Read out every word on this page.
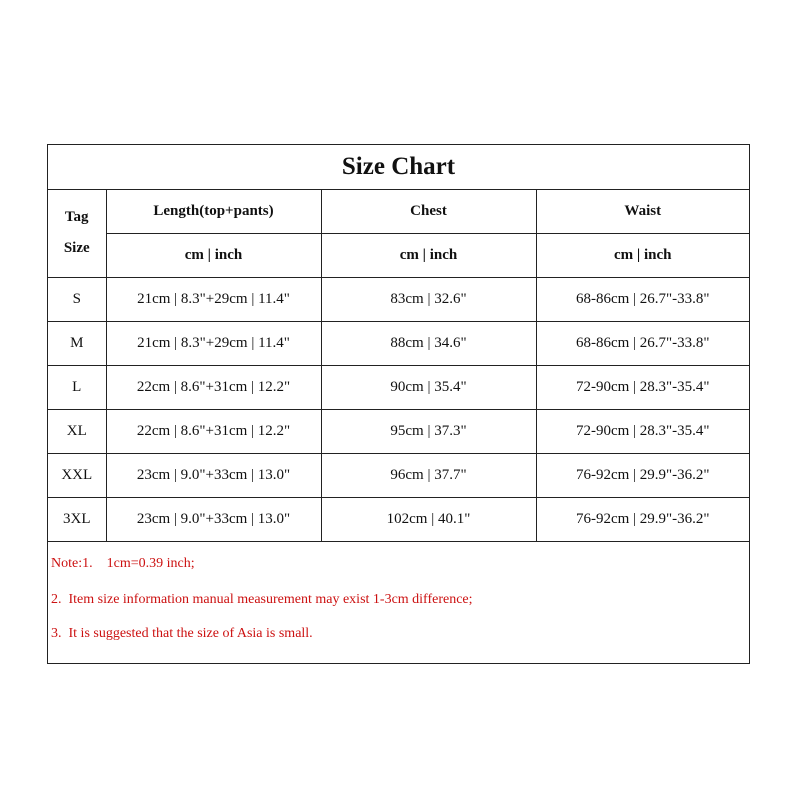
Size Chart
Tag
Size	Length(top+pants)	Chest	Waist
	cm | inch	cm | inch	cm | inch
S	21cm | 8.3"+29cm | 11.4"	83cm | 32.6"	68-86cm | 26.7"-33.8"
M	21cm | 8.3"+29cm | 11.4"	88cm | 34.6"	68-86cm | 26.7"-33.8"
L	22cm | 8.6"+31cm | 12.2"	90cm | 35.4"	72-90cm | 28.3"-35.4"
XL	22cm | 8.6"+31cm | 12.2"	95cm | 37.3"	72-90cm | 28.3"-35.4"
XXL	23cm | 9.0"+33cm | 13.0"	96cm | 37.7"	76-92cm | 29.9"-36.2"
3XL	23cm | 9.0"+33cm | 13.0"	102cm | 40.1"	76-92cm | 29.9"-36.2"
Note:1.    1cm=0.39 inch;
2.  Item size information manual measurement may exist 1-3cm difference;
3.  It is suggested that the size of Asia is small.
